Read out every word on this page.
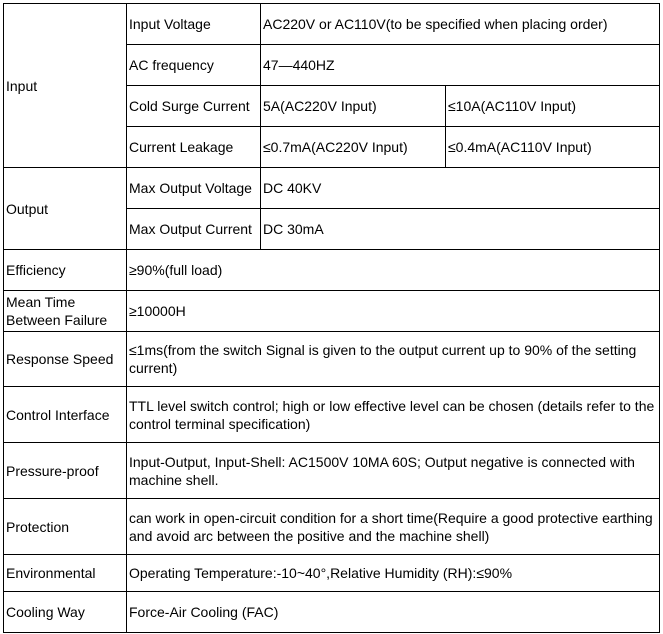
Input	Input Voltage	AC220V or AC110V(to be specified when placing order)	
	AC frequency	47—440HZ	
	Cold Surge Current	5A(AC220V Input)	≤10A(AC110V Input)
	Current Leakage	≤0.7mA(AC220V Input)	≤0.4mA(AC110V Input)
Output	Max Output Voltage	DC 40KV	
	Max Output Current	DC 30mA	
Efficiency	≥90%(full load)		
Mean Time Between Failure	≥10000H		
Response Speed	≤1ms(from the switch Signal is given to the output current up to 90% of the setting current)		
Control Interface	TTL level switch control; high or low effective level can be chosen (details refer to the control terminal specification)		
Pressure-proof	Input-Output, Input-Shell: AC1500V 10MA 60S; Output negative is connected with machine shell.		
Protection	can work in open-circuit condition for a short time(Require a good protective earthing and avoid arc between the positive and the machine shell)		
Environmental	Operating Temperature:-10~40°,Relative Humidity (RH):≤90%		
Cooling Way	Force-Air Cooling (FAC)		
